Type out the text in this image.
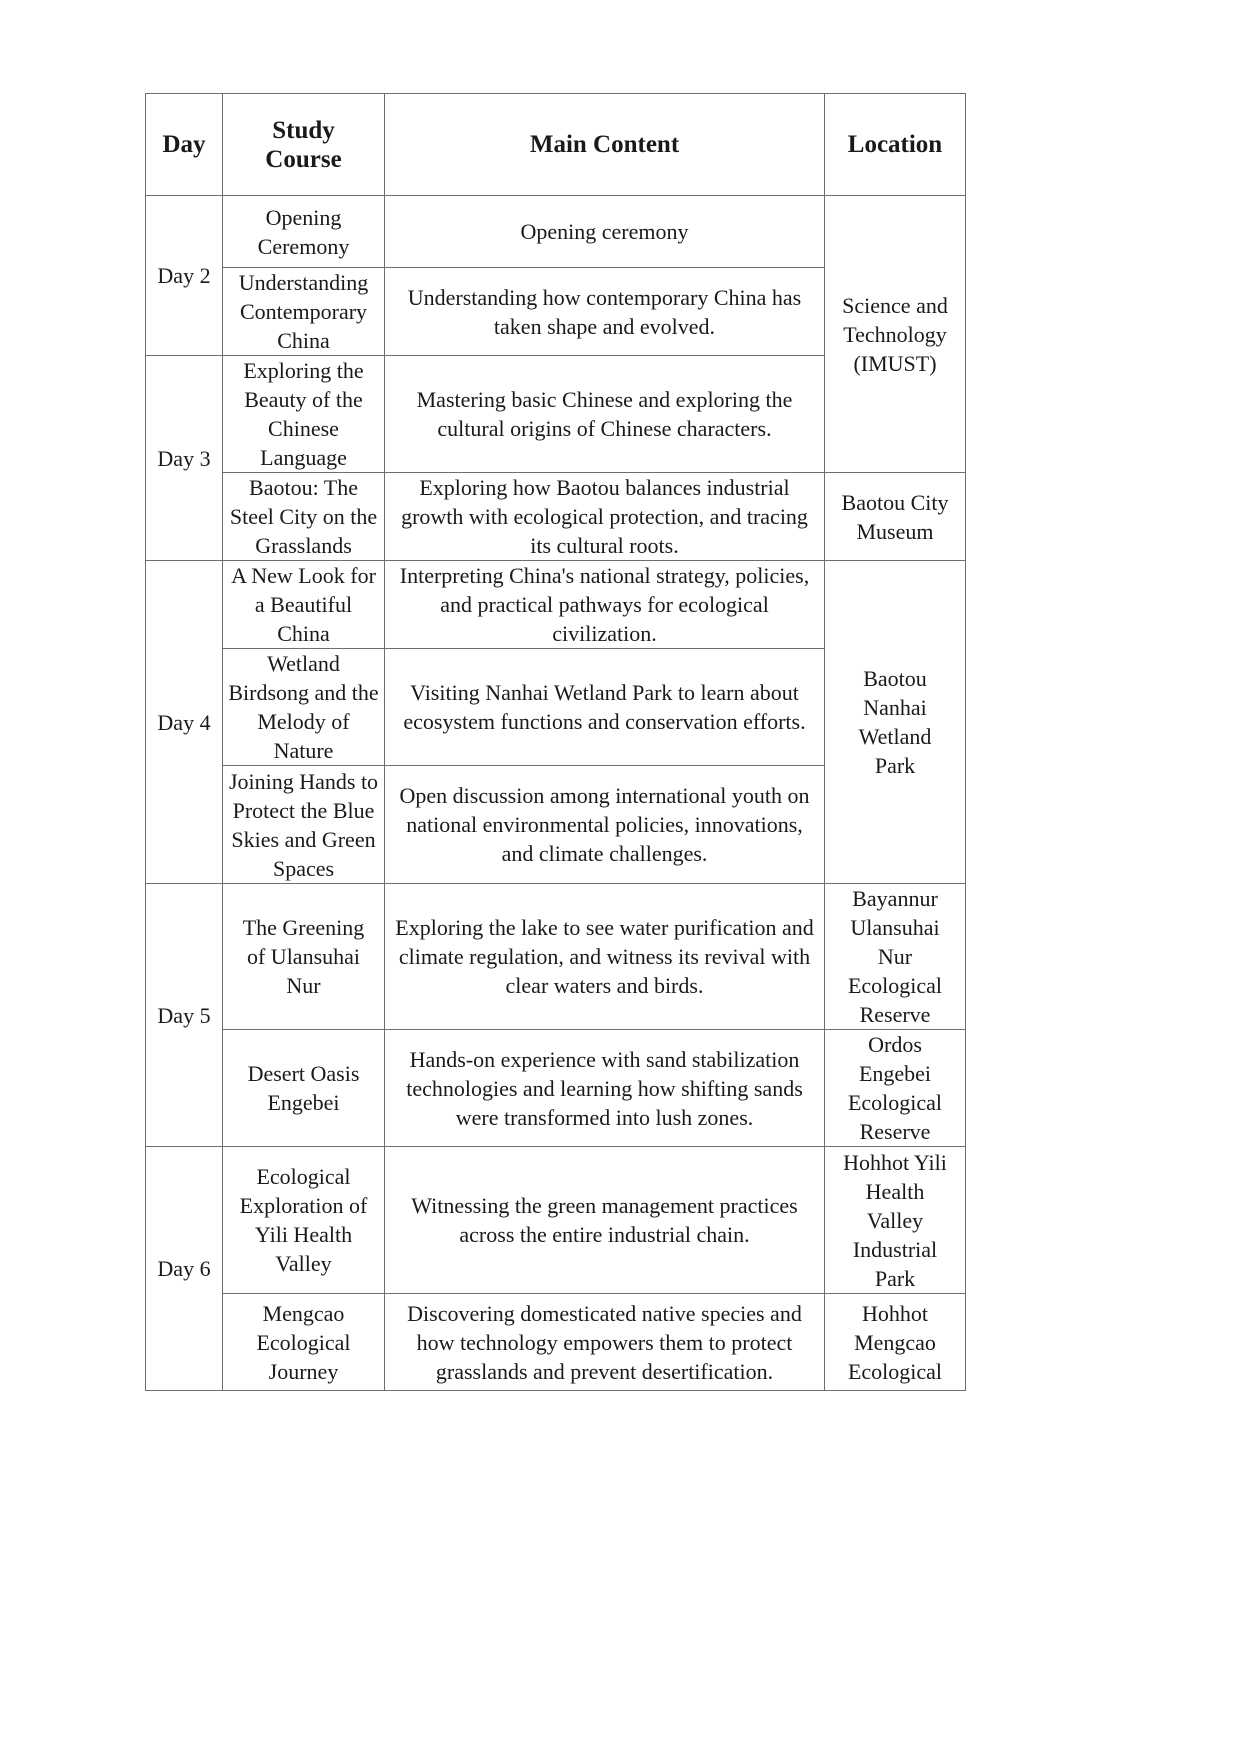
Day	Study Course	Main Content	Location
Day 2	Opening Ceremony	Opening ceremony	Science and Technology (IMUST)
	Understanding Contemporary China	Understanding how contemporary China has taken shape and evolved.	
Day 3	Exploring the Beauty of the Chinese Language	Mastering basic Chinese and exploring the cultural origins of Chinese characters.	
	Baotou: The Steel City on the Grasslands	Exploring how Baotou balances industrial growth with ecological protection, and tracing its cultural roots.	Baotou City Museum
Day 4	A New Look for a Beautiful China	Interpreting China's national strategy, policies, and practical pathways for ecological civilization.	Baotou Nanhai Wetland Park
	Wetland Birdsong and the Melody of Nature	Visiting Nanhai Wetland Park to learn about ecosystem functions and conservation efforts.	
	Joining Hands to Protect the Blue Skies and Green Spaces	Open discussion among international youth on national environmental policies, innovations, and climate challenges.	
Day 5	The Greening of Ulansuhai Nur	Exploring the lake to see water purification and climate regulation, and witness its revival with clear waters and birds.	Bayannur Ulansuhai Nur Ecological Reserve
	Desert Oasis Engebei	Hands-on experience with sand stabilization technologies and learning how shifting sands were transformed into lush zones.	Ordos Engebei Ecological Reserve
Day 6	Ecological Exploration of Yili Health Valley	Witnessing the green management practices across the entire industrial chain.	Hohhot Yili Health Valley Industrial Park
	Mengcao Ecological Journey	Discovering domesticated native species and how technology empowers them to protect grasslands and prevent desertification.	Hohhot Mengcao Ecological
